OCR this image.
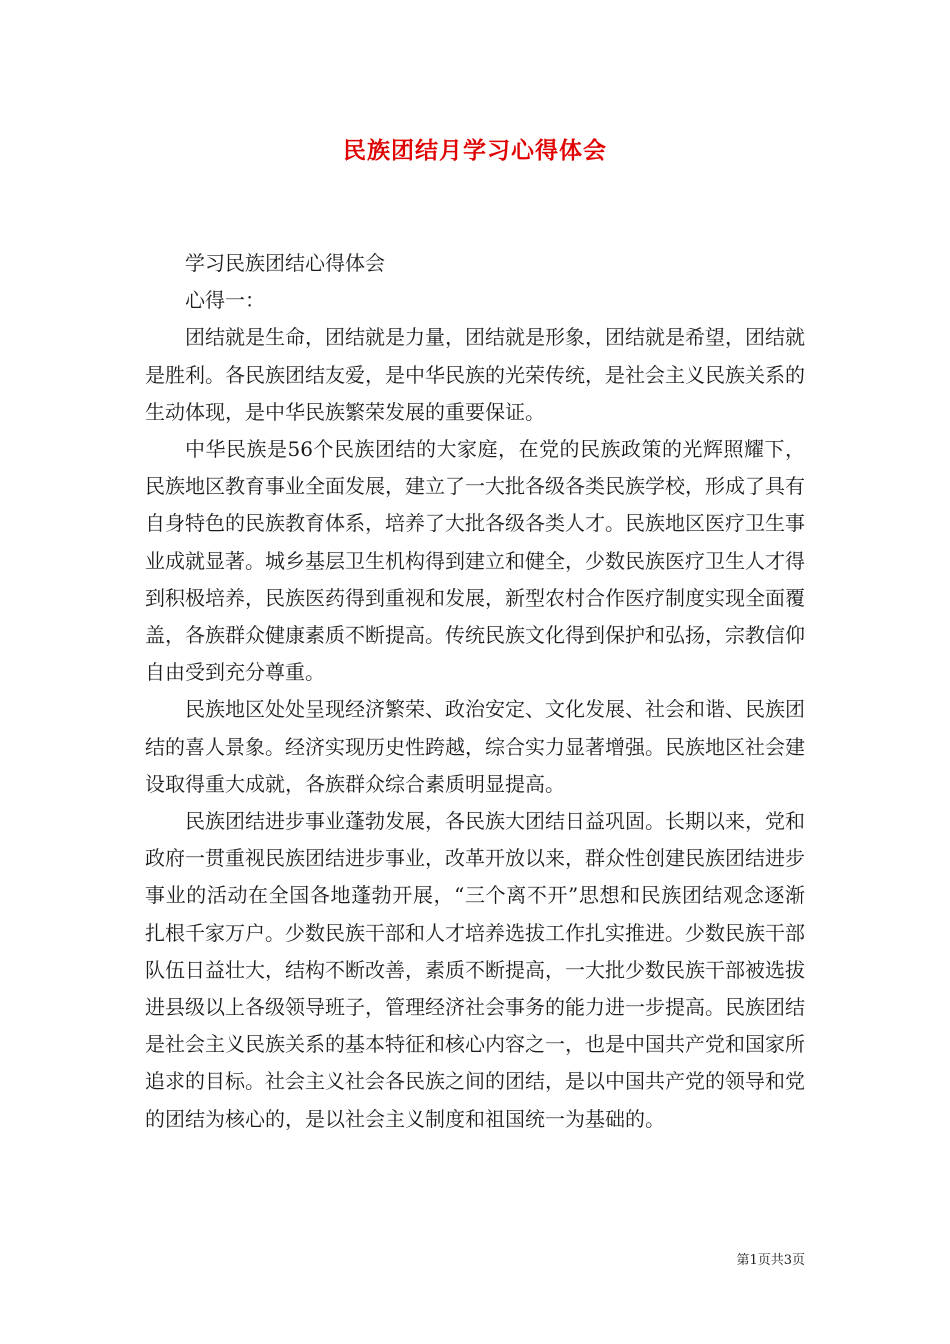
民族团结月学习心得体会

学习民族团结心得体会

心得一：

团结就是生命，团结就是力量，团结就是形象，团结就是希望，团结就是胜利。各民族团结友爱，是中华民族的光荣传统，是社会主义民族关系的生动体现，是中华民族繁荣发展的重要保证。

中华民族是56个民族团结的大家庭，在党的民族政策的光辉照耀下，民族地区教育事业全面发展，建立了一大批各级各类民族学校，形成了具有自身特色的民族教育体系，培养了大批各级各类人才。民族地区医疗卫生事业成就显著。城乡基层卫生机构得到建立和健全，少数民族医疗卫生人才得到积极培养，民族医药得到重视和发展，新型农村合作医疗制度实现全面覆盖，各族群众健康素质不断提高。传统民族文化得到保护和弘扬，宗教信仰自由受到充分尊重。

民族地区处处呈现经济繁荣、政治安定、文化发展、社会和谐、民族团结的喜人景象。经济实现历史性跨越，综合实力显著增强。民族地区社会建设取得重大成就，各族群众综合素质明显提高。

民族团结进步事业蓬勃发展，各民族大团结日益巩固。长期以来，党和政府一贯重视民族团结进步事业，改革开放以来，群众性创建民族团结进步事业的活动在全国各地蓬勃开展，“三个离不开”思想和民族团结观念逐渐扎根千家万户。少数民族干部和人才培养选拔工作扎实推进。少数民族干部队伍日益壮大，结构不断改善，素质不断提高，一大批少数民族干部被选拔进县级以上各级领导班子，管理经济社会事务的能力进一步提高。民族团结是社会主义民族关系的基本特征和核心内容之一，也是中国共产党和国家所追求的目标。社会主义社会各民族之间的团结，是以中国共产党的领导和党的团结为核心的，是以社会主义制度和祖国统一为基础的。

第1页共3页
